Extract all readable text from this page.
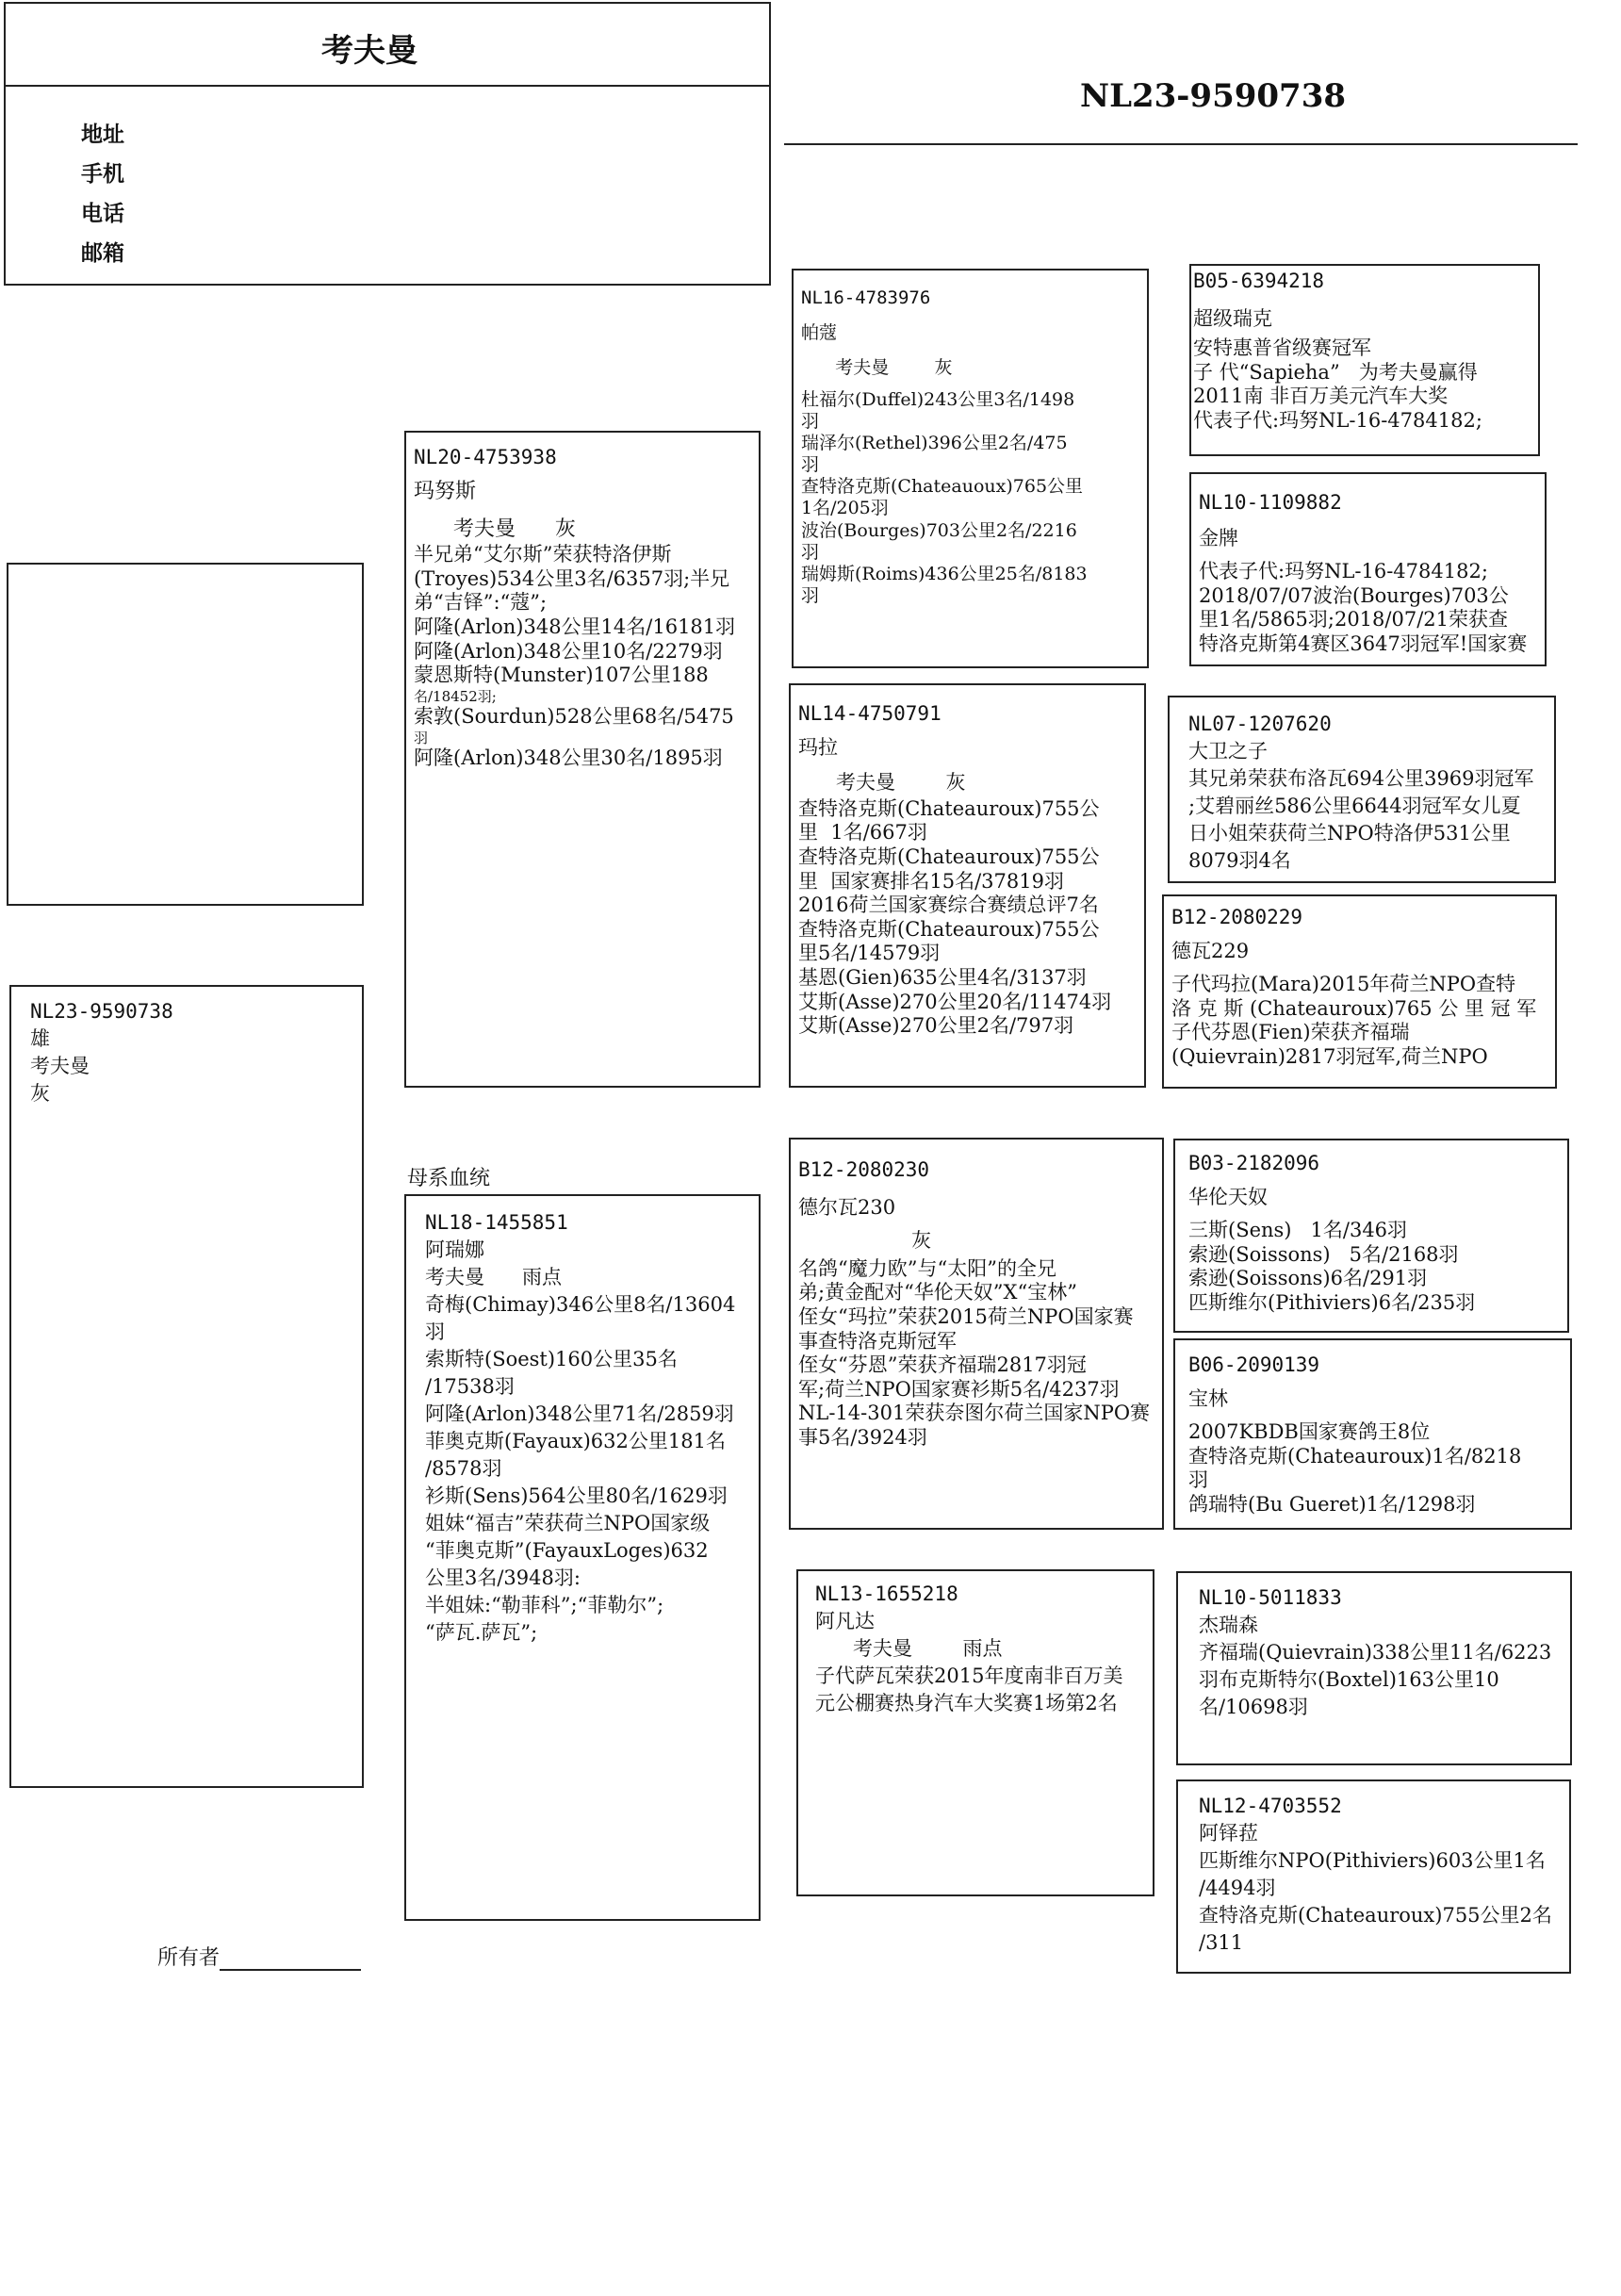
考夫曼
地址
手机
电话
邮箱
NL23-9590738
NL23-9590738
雄
考夫曼
灰
NL20-4753938
玛努斯
考夫曼      灰
半兄弟“艾尔斯”荣获特洛伊斯
(Troyes)534公里3名/6357羽;半兄
弟“吉铎”:“蔻”;
阿隆(Arlon)348公里14名/16181羽
阿隆(Arlon)348公里10名/2279羽
蒙恩斯特(Munster)107公里188
名/18452羽;
索敦(Sourdun)528公里68名/5475
羽
阿隆(Arlon)348公里30名/1895羽
母系血统
NL18-1455851
阿瑞娜
考夫曼      雨点
奇梅(Chimay)346公里8名/13604
羽
索斯特(Soest)160公里35名
/17538羽
阿隆(Arlon)348公里71名/2859羽
菲奥克斯(Fayaux)632公里181名
/8578羽
衫斯(Sens)564公里80名/1629羽
姐妹“福吉”荣获荷兰NPO国家级
“菲奥克斯”(FayauxLoges)632
公里3名/3948羽:
半姐妹:“勒菲科”;“菲勒尔”;
“萨瓦.萨瓦”;
NL16-4783976
帕蔻
考夫曼        灰
杜福尔(Duffel)243公里3名/1498
羽
瑞泽尔(Rethel)396公里2名/475
羽
查特洛克斯(Chateauoux)765公里
1名/205羽
波治(Bourges)703公里2名/2216
羽
瑞姆斯(Roims)436公里25名/8183
羽
NL14-4750791
玛拉
考夫曼        灰
查特洛克斯(Chateauroux)755公
里  1名/667羽
查特洛克斯(Chateauroux)755公
里  国家赛排名15名/37819羽
2016荷兰国家赛综合赛绩总评7名
查特洛克斯(Chateauroux)755公
里5名/14579羽
基恩(Gien)635公里4名/3137羽
艾斯(Asse)270公里20名/11474羽
艾斯(Asse)270公里2名/797羽
B12-2080230
德尔瓦230
灰
名鸽“魔力欧”与“太阳”的全兄
弟;黄金配对“华伦天奴”X“宝林”
侄女“玛拉”荣获2015荷兰NPO国家赛
事查特洛克斯冠军
侄女“芬恩”荣获齐福瑞2817羽冠
军;荷兰NPO国家赛衫斯5名/4237羽
NL-14-301荣获奈图尔荷兰国家NPO赛
事5名/3924羽
NL13-1655218
阿凡达
考夫曼        雨点
子代萨瓦荣获2015年度南非百万美
元公棚赛热身汽车大奖赛1场第2名
B05-6394218
超级瑞克
安特惠普省级赛冠军
子 代“Sapieha”   为考夫曼赢得
2011南 非百万美元汽车大奖
代表子代:玛努NL-16-4784182;
NL10-1109882
金牌
代表子代:玛努NL-16-4784182;
2018/07/07波治(Bourges)703公
里1名/5865羽;2018/07/21荣获查
特洛克斯第4赛区3647羽冠军!国家赛
NL07-1207620
大卫之子
其兄弟荣获布洛瓦694公里3969羽冠军
;艾碧丽丝586公里6644羽冠军女儿夏
日小姐荣获荷兰NPO特洛伊531公里
8079羽4名
B12-2080229
德瓦229
子代玛拉(Mara)2015年荷兰NPO查特
洛 克 斯 (Chateauroux)765 公 里 冠 军
子代芬恩(Fien)荣获齐福瑞
(Quievrain)2817羽冠军,荷兰NPO
B03-2182096
华伦天奴
三斯(Sens)   1名/346羽
索逊(Soissons)   5名/2168羽
索逊(Soissons)6名/291羽
匹斯维尔(Pithiviers)6名/235羽
B06-2090139
宝林
2007KBDB国家赛鸽王8位
查特洛克斯(Chateauroux)1名/8218
羽
鸽瑞特(Bu Gueret)1名/1298羽
NL10-5011833
杰瑞森
齐福瑞(Quievrain)338公里11名/6223
羽布克斯特尔(Boxtel)163公里10
名/10698羽
NL12-4703552
阿铎菈
匹斯维尔NPO(Pithiviers)603公里1名
/4494羽
查特洛克斯(Chateauroux)755公里2名
/311
所有者
